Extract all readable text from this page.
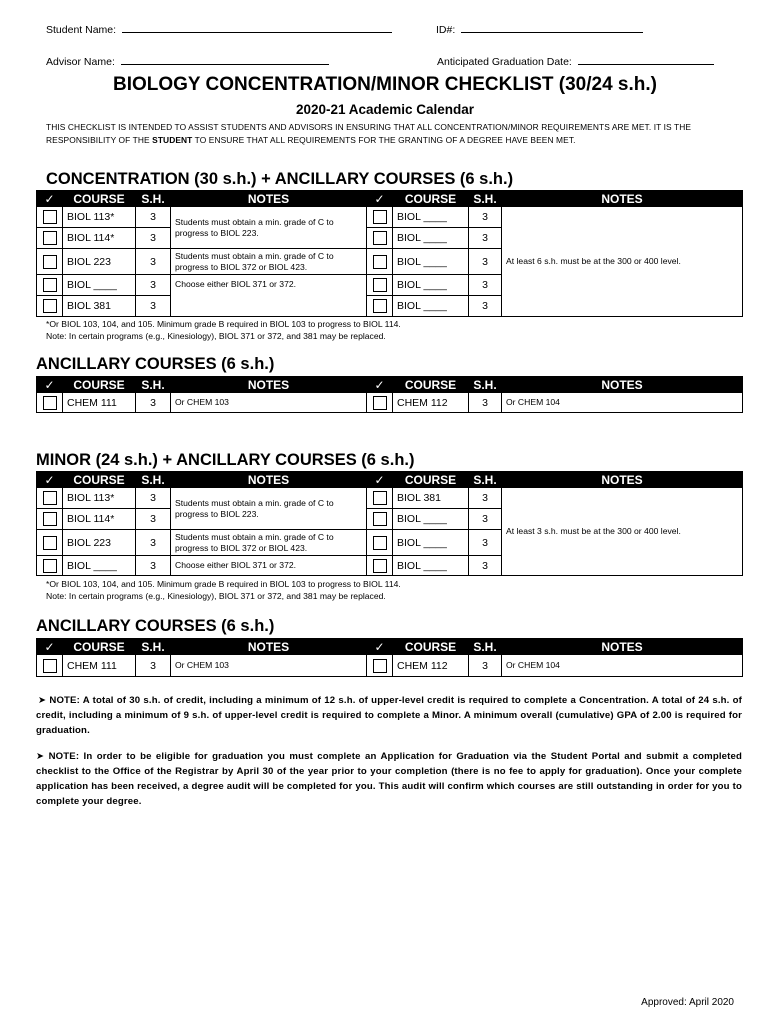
Student Name:	ID#:
Advisor Name:	Anticipated Graduation Date:
BIOLOGY CONCENTRATION/MINOR CHECKLIST (30/24 s.h.)
2020-21 Academic Calendar
THIS CHECKLIST IS INTENDED TO ASSIST STUDENTS AND ADVISORS IN ENSURING THAT ALL CONCENTRATION/MINOR REQUIREMENTS ARE MET. IT IS THE RESPONSIBILITY OF THE STUDENT TO ENSURE THAT ALL REQUIREMENTS FOR THE GRANTING OF A DEGREE HAVE BEEN MET.
CONCENTRATION (30 s.h.) + ANCILLARY COURSES (6 s.h.)
✓	COURSE	S.H.	NOTES	✓	COURSE	S.H.	NOTES
	BIOL 113*	3	Students must obtain a min. grade of C to progress to BIOL 223.		BIOL ____	3	At least 6 s.h. must be at the 300 or 400 level.
	BIOL 114*	3			BIOL ____	3	
	BIOL 223	3	Students must obtain a min. grade of C to progress to BIOL 372 or BIOL 423.		BIOL ____	3	
	BIOL ____	3	Choose either BIOL 371 or 372.		BIOL ____	3	
	BIOL 381	3			BIOL ____	3	
*Or BIOL 103, 104, and 105. Minimum grade B required in BIOL 103 to progress to BIOL 114.
Note: In certain programs (e.g., Kinesiology), BIOL 371 or 372, and 381 may be replaced.
ANCILLARY COURSES (6 s.h.)
✓	COURSE	S.H.	NOTES	✓	COURSE	S.H.	NOTES
	CHEM 111	3	Or CHEM 103		CHEM 112	3	Or CHEM 104
MINOR (24 s.h.) + ANCILLARY COURSES (6 s.h.)
✓	COURSE	S.H.	NOTES	✓	COURSE	S.H.	NOTES
	BIOL 113*	3	Students must obtain a min. grade of C to progress to BIOL 223.		BIOL 381	3	At least 3 s.h. must be at the 300 or 400 level.
	BIOL 114*	3			BIOL ____	3	
	BIOL 223	3	Students must obtain a min. grade of C to progress to BIOL 372 or BIOL 423.		BIOL ____	3	
	BIOL ____	3	Choose either BIOL 371 or 372.		BIOL ____	3	
*Or BIOL 103, 104, and 105. Minimum grade B required in BIOL 103 to progress to BIOL 114.
Note: In certain programs (e.g., Kinesiology), BIOL 371 or 372, and 381 may be replaced.
ANCILLARY COURSES (6 s.h.)
✓	COURSE	S.H.	NOTES	✓	COURSE	S.H.	NOTES
	CHEM 111	3	Or CHEM 103		CHEM 112	3	Or CHEM 104
➤ NOTE: A total of 30 s.h. of credit, including a minimum of 12 s.h. of upper-level credit is required to complete a Concentration. A total of 24 s.h. of credit, including a minimum of 9 s.h. of upper-level credit is required to complete a Minor. A minimum overall (cumulative) GPA of 2.00 is required for graduation.
➤ NOTE: In order to be eligible for graduation you must complete an Application for Graduation via the Student Portal and submit a completed checklist to the Office of the Registrar by April 30 of the year prior to your completion (there is no fee to apply for graduation). Once your complete application has been received, a degree audit will be completed for you. This audit will confirm which courses are still outstanding in order for you to complete your degree.
Approved: April 2020
